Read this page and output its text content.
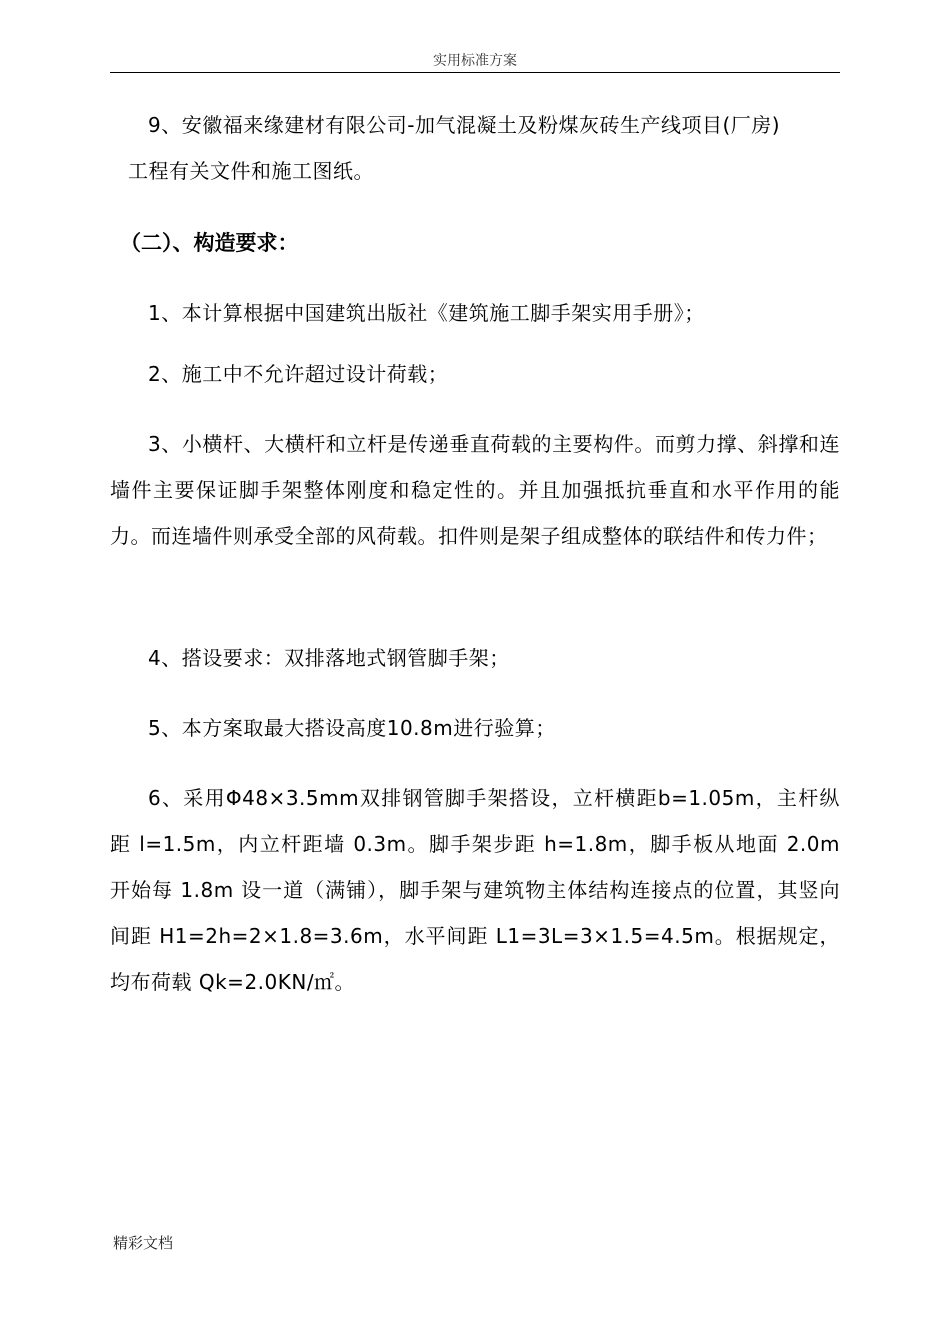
实用标准方案

9、安徽福来缘建材有限公司-加气混凝土及粉煤灰砖生产线项目(厂房)

工程有关文件和施工图纸。

（二）、构造要求：

1、本计算根据中国建筑出版社《建筑施工脚手架实用手册》；

2、施工中不允许超过设计荷载；

3、小横杆、大横杆和立杆是传递垂直荷载的主要构件。而剪力撑、斜撑和连墙件主要保证脚手架整体刚度和稳定性的。并且加强抵抗垂直和水平作用的能力。而连墙件则承受全部的风荷载。扣件则是架子组成整体的联结件和传力件；

4、搭设要求：双排落地式钢管脚手架；

5、本方案取最大搭设高度10.8m进行验算；

6、采用Φ48×3.5mm双排钢管脚手架搭设，立杆横距b=1.05m，主杆纵距 l=1.5m，内立杆距墙 0.3m。脚手架步距 h=1.8m，脚手板从地面 2.0m 开始每 1.8m 设一道（满铺），脚手架与建筑物主体结构连接点的位置，其竖向间距 H1=2h=2×1.8=3.6m，水平间距 L1=3L=3×1.5=4.5m。根据规定，均布荷载 Qk=2.0KN/㎡。

精彩文档
